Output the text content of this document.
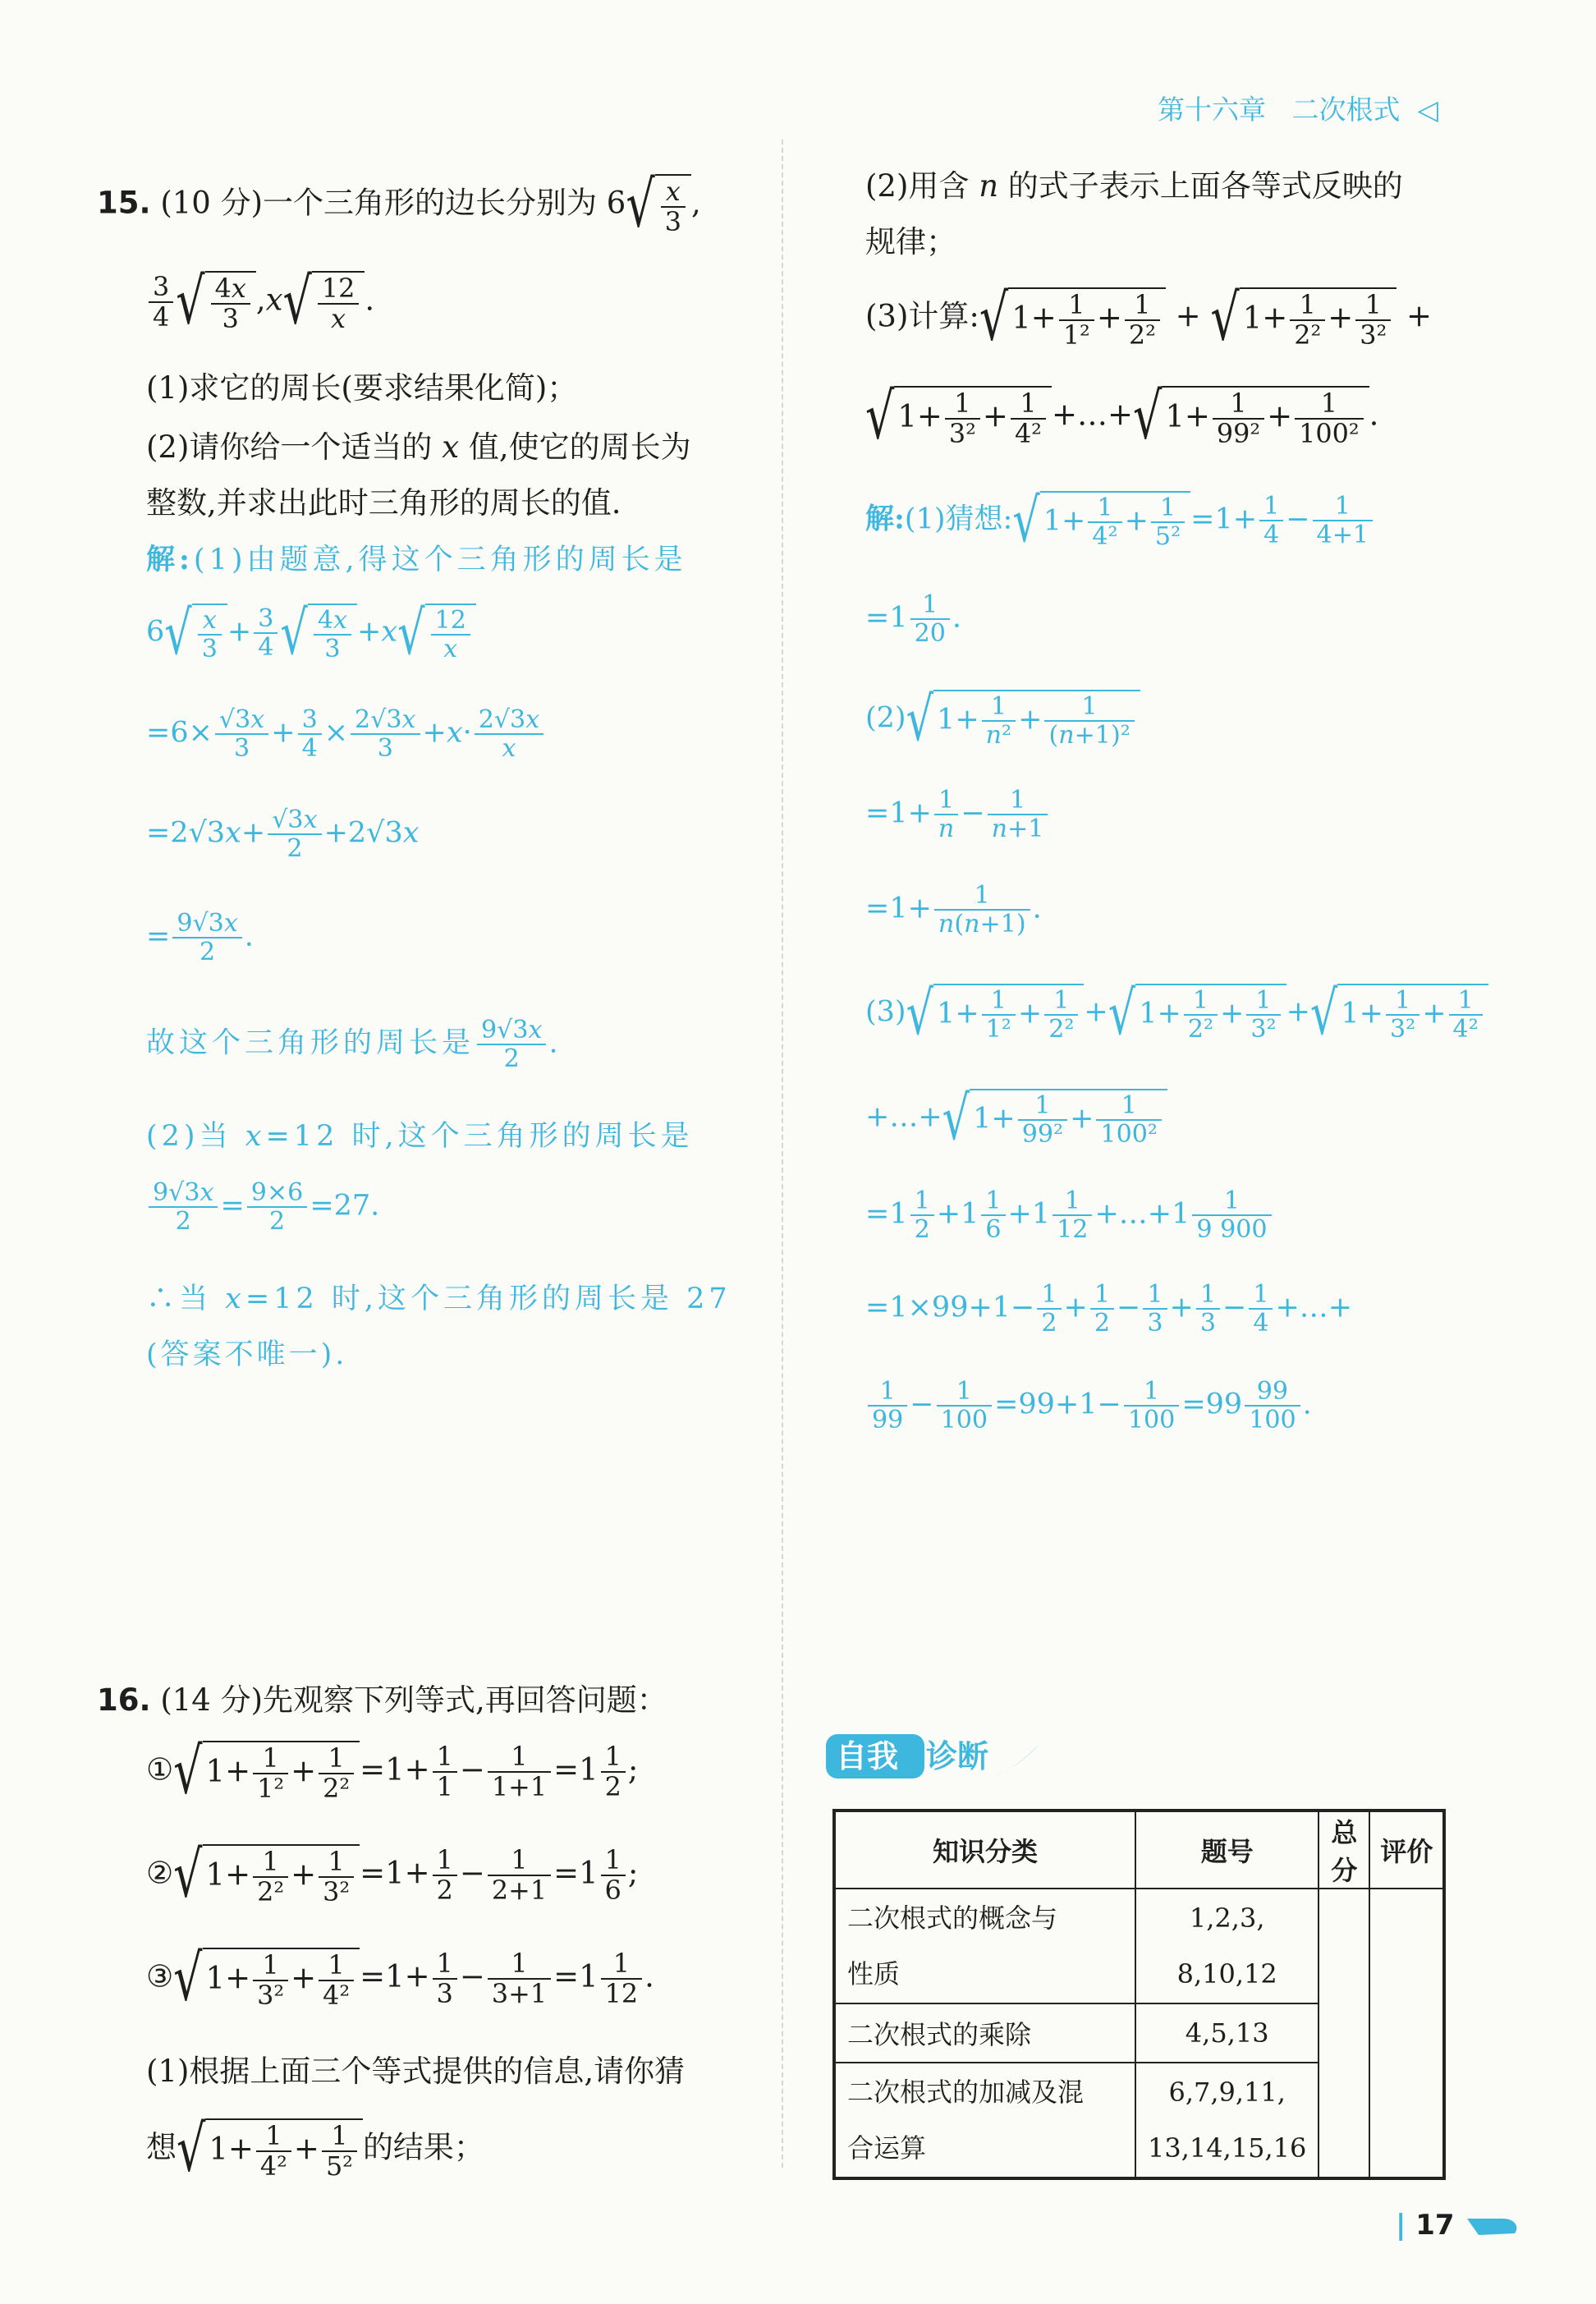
第十六章 二次根式 ◁
15. (10 分)一个三角形的边长分别为 $6√ \frac{x}{3}$ ,
$\frac{3}{4}$ √ $\frac{4x}{3} ,x√ \frac{12}{x}$ .
(1)求它的周长(要求结果化简)；
(2)请你给一个适当的 x 值,使它的周长为
整数,并求出此时三角形的周长的值.
解:(1)由题意,得这个三角形的周长是
$6√ \frac{x}{3} + \frac{3}{4}$ √ $\frac{4x}{3} +x√ \frac{12}{x}$
$=6\times \frac{√3x}{3} + \frac{3}{4} \times \frac{2√3x}{3} +x\cdot \frac{2√3x}{x}$
$=2√3x+ \frac{√3x}{2} +2√3x$
= $\frac{9√3x}{2}$ .
故这个三角形的周长是 $\frac{9√3x}{2}$ .
(2)当 x=12 时,这个三角形的周长是
$\frac{9√3x}{2} = \frac{9\times 6}{2} =27$.
∴当 x=12 时,这个三角形的周长是 27
(答案不唯一).
16. (14 分)先观察下列等式,再回答问题：
①√ $1+ \frac{1}{\text{1²}} + \frac{1}{\text{2²}} =1+ \frac{1}{1} - \frac{1}{1+1} =1 \frac{1}{2}$ ;
②√ $1+ \frac{1}{\text{2²}} + \frac{1}{\text{3²}} =1+ \frac{1}{2} - \frac{1}{2+1} =1 \frac{1}{6}$ ;
③√ $1+ \frac{1}{\text{3²}} + \frac{1}{\text{4²}} =1+ \frac{1}{3} - \frac{1}{3+1} =1 \frac{1}{12}$ .
(1)根据上面三个等式提供的信息,请你猜
想√ $1+ \frac{1}{\text{4²}} + \frac{1}{\text{5²}}$ 的结果；
(2)用含 n 的式子表示上面各等式反映的
规律；
(3)计算:√ $1+ \frac{1}{\text{1²}} + \frac{1}{\text{2²}}$ + √ $1+ \frac{1}{\text{2²}} + \frac{1}{\text{3²}}$ +
√ $1+ \frac{1}{\text{3²}} + \frac{1}{\text{4²}}$ +…+√ $1+ \frac{1}{\text{99²}} + \frac{1}{\text{100²}}$ .
解:(1)猜想:√ $1+ \frac{1}{\text{4²}} + \frac{1}{\text{5²}} =1+ \frac{1}{4} - \frac{1}{4+1}$
$=1 \frac{1}{20}$ .
(2)√ $1+ \frac{1}{\text{n²}} + \frac{1}{\text{(n+1)²}}$
$=1+ \frac{1}{n} - \frac{1}{n+1}$
$=1+ \frac{1}{n(n+1)}$ .
(3)√ $1+ \frac{1}{\text{1²}} + \frac{1}{\text{2²}}$ +√ $1+ \frac{1}{\text{2²}} + \frac{1}{\text{3²}}$ +√ $1+ \frac{1}{\text{3²}} + \frac{1}{\text{4²}}$
+…+√ $1+ \frac{1}{\text{99²}} + \frac{1}{\text{100²}}$
$=1 \frac{1}{2} +1 \frac{1}{6} +1 \frac{1}{12}$ +…+1 $\frac{1}{9 900}$
$=1\times 99+1- \frac{1}{2} + \frac{1}{2} - \frac{1}{3} + \frac{1}{3} - \frac{1}{4}$ +…+
$\frac{1}{99} - \frac{1}{100} =99+1- \frac{1}{100} =99 \frac{99}{100}$ .
自我 诊断
知识分类	题号	总分	评价
二次根式的概念与
性质	1,2,3,
8,10,12		
二次根式的乘除	4,5,13		
二次根式的加减及混
合运算	6,7,9,11,
13,14,15,16		
| 17
